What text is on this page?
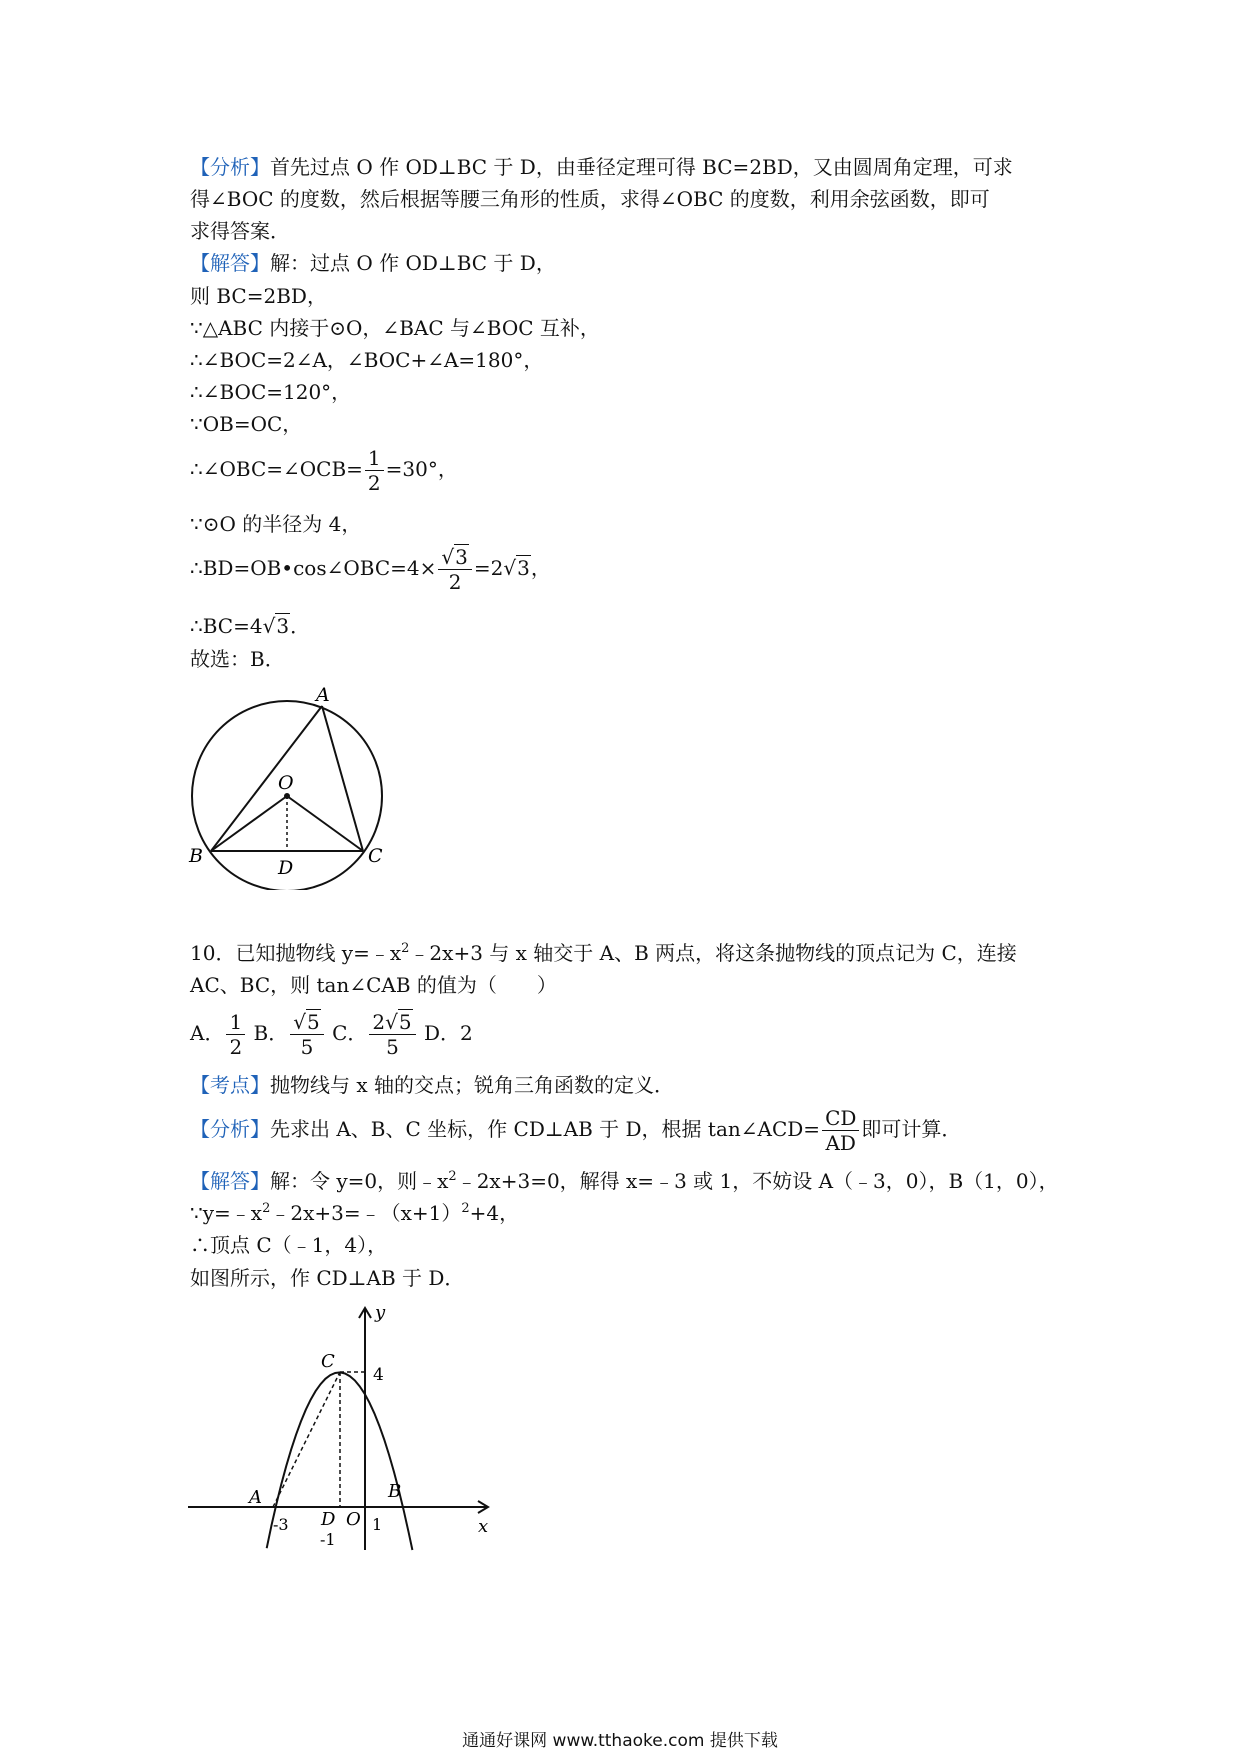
【分析】首先过点 O 作 OD⊥BC 于 D，由垂径定理可得 BC=2BD，又由圆周角定理，可求
得∠BOC 的度数，然后根据等腰三角形的性质，求得∠OBC 的度数，利用余弦函数，即可
求得答案．
【解答】解：过点 O 作 OD⊥BC 于 D，
则 BC=2BD，
∵△ABC 内接于⊙O，∠BAC 与∠BOC 互补，
∴∠BOC=2∠A，∠BOC+∠A=180°，
∴∠BOC=120°，
∵OB=OC，
∴∠OBC=∠OCB= $\frac{1}{2} =30^\circ$，
∵⊙O 的半径为 4，
∴BD=OB•cos∠OBC=4× $\frac{√3}{2} =2√3$，
∴BC=4√3．
故选：B．
A
O
B
D
C
10．已知抛物线 $y=﹣x^2﹣2x+3$ 与 x 轴交于 A、B 两点，将这条抛物线的顶点记为 C，连接
AC、BC，则 tan∠CAB 的值为（　　）
A． $\frac{1}{2}$ B． $\frac{√5}{5}$ C． $\frac{2√5}{5}$ D．2
【考点】抛物线与 x 轴的交点；锐角三角函数的定义．
【分析】先求出 A、B、C 坐标，作 CD⊥AB 于 D，根据 tan∠ACD= $\frac{CD}{AD}$ 即可计算．
【解答】解：令 y=0，则$﹣x^2﹣2x+3=0$，解得 x=﹣3 或 1，不妨设 A（﹣3，0），B（1，0），
$\because y=﹣x^2﹣2x+3=﹣(x+1)^2+4$，
∴顶点 C（﹣1，4），
如图所示，作 CD⊥AB 于 D．
y
C
4
A
D O
B
x
-3
-1
1
通通好课网 www.tthaoke.com 提供下载
